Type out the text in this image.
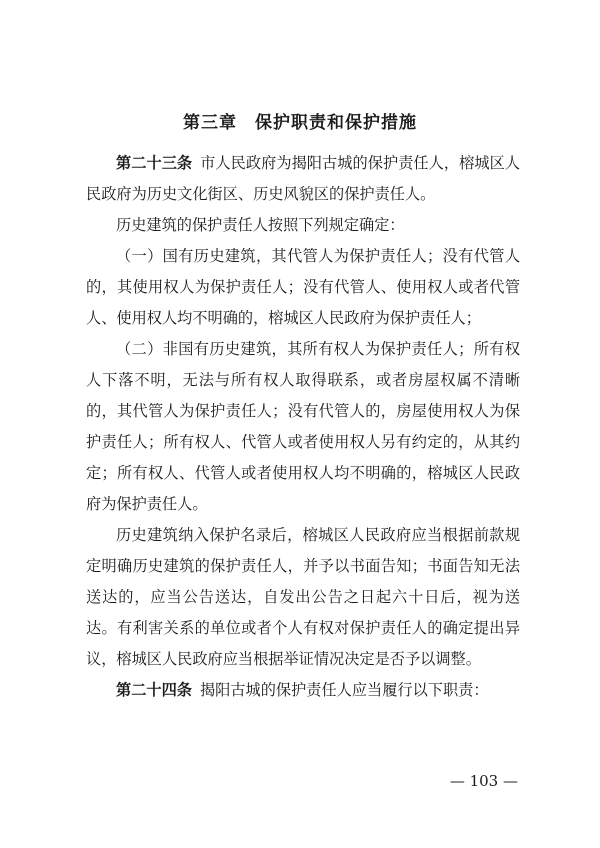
第三章　保护职责和保护措施

第二十三条 市人民政府为揭阳古城的保护责任人，榕城区人民政府为历史文化街区、历史风貌区的保护责任人。

历史建筑的保护责任人按照下列规定确定：

（一）国有历史建筑，其代管人为保护责任人；没有代管人的，其使用权人为保护责任人；没有代管人、使用权人或者代管人、使用权人均不明确的，榕城区人民政府为保护责任人；

（二）非国有历史建筑，其所有权人为保护责任人；所有权人下落不明，无法与所有权人取得联系，或者房屋权属不清晰的，其代管人为保护责任人；没有代管人的，房屋使用权人为保护责任人；所有权人、代管人或者使用权人另有约定的，从其约定；所有权人、代管人或者使用权人均不明确的，榕城区人民政府为保护责任人。

历史建筑纳入保护名录后，榕城区人民政府应当根据前款规定明确历史建筑的保护责任人，并予以书面告知；书面告知无法送达的，应当公告送达，自发出公告之日起六十日后，视为送达。有利害关系的单位或者个人有权对保护责任人的确定提出异议，榕城区人民政府应当根据举证情况决定是否予以调整。

第二十四条 揭阳古城的保护责任人应当履行以下职责：

— 103 —
